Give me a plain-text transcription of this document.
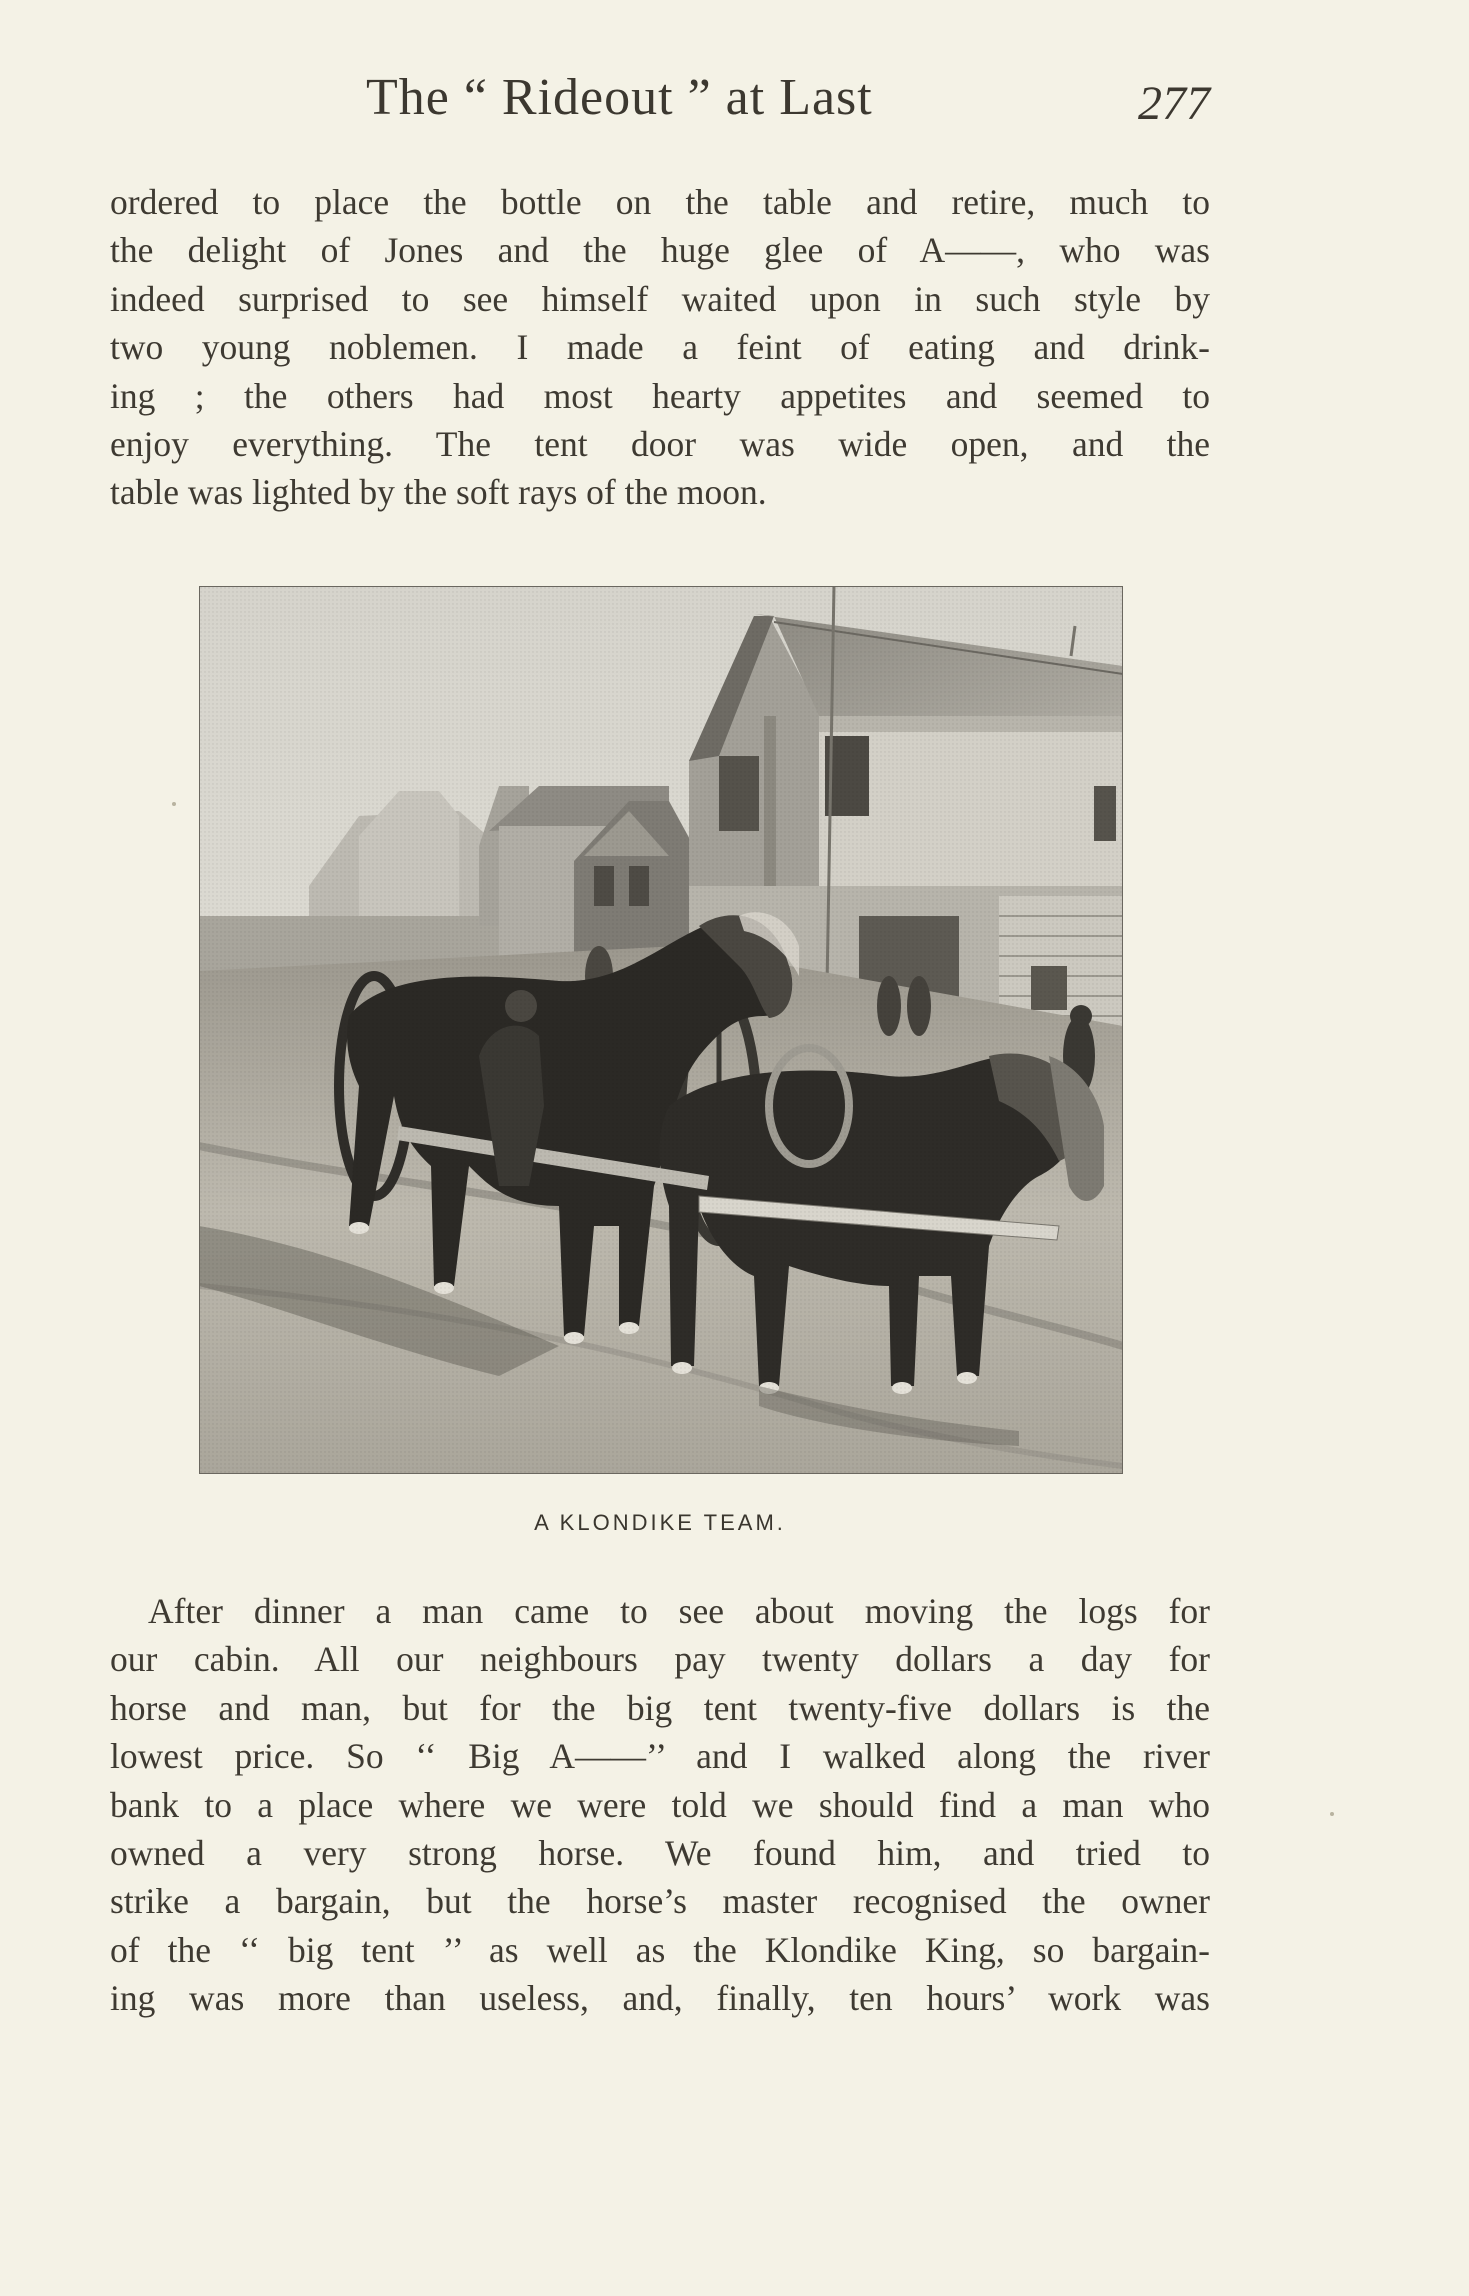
The “ Rideout ” at Last	277
ordered to place the bottle on the table and retire, much to
the delight of Jones and the huge glee of A——, who was
indeed surprised to see himself waited upon in such style by
two young noblemen. I made a feint of eating and drink-
ing ; the others had most hearty appetites and seemed to
enjoy everything. The tent door was wide open, and the
table was lighted by the soft rays of the moon.
A KLONDIKE TEAM.
After dinner a man came to see about moving the logs for
our cabin. All our neighbours pay twenty dollars a day for
horse and man, but for the big tent twenty-five dollars is the
lowest price. So ‘‘ Big A——’’ and I walked along the river
bank to a place where we were told we should find a man who
owned a very strong horse. We found him, and tried to
strike a bargain, but the horse’s master recognised the owner
of the ‘‘ big tent ’’ as well as the Klondike King, so bargain-
ing was more than useless, and, finally, ten hours’ work was
